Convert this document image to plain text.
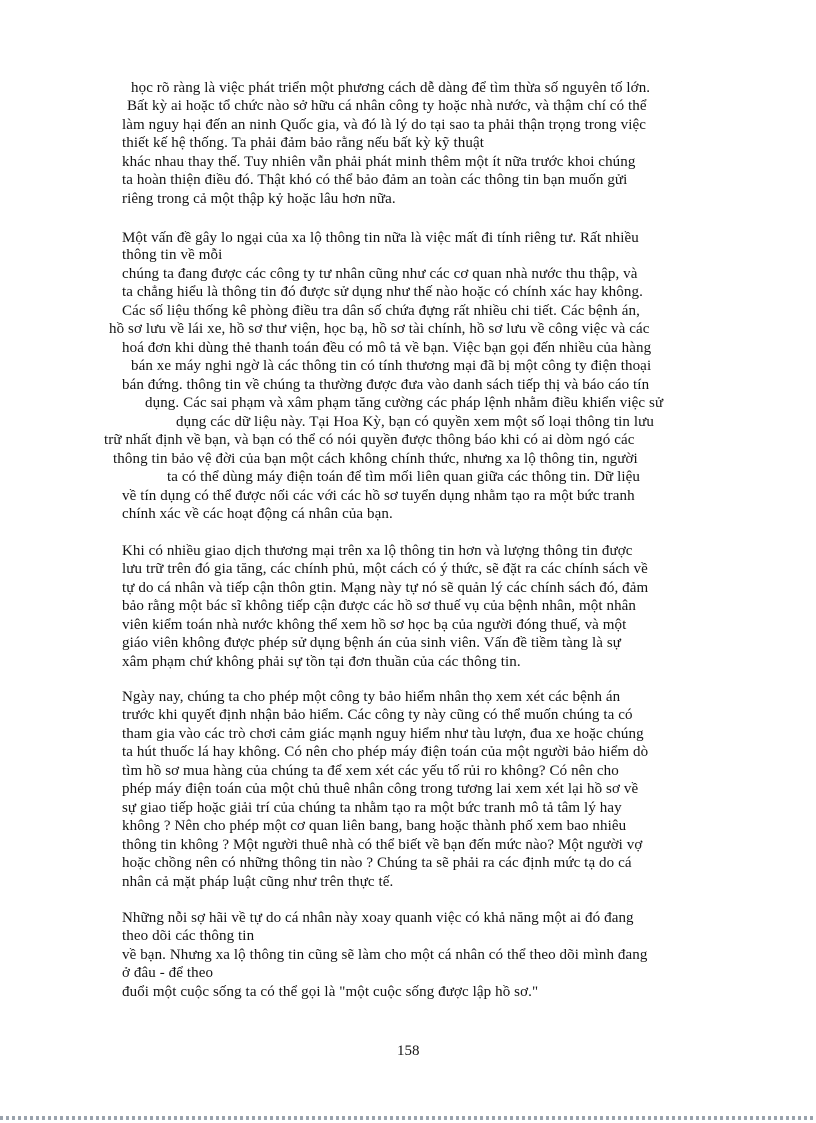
học rõ ràng là việc phát triển một phương cách dễ dàng để tìm thừa số nguyên tố lớn.
Bất kỳ ai hoặc tổ chức nào sở hữu cá nhân công ty hoặc nhà nước, và thậm chí có thể
làm nguy hại đến an ninh Quốc gia, và đó là lý do tại sao ta phải thận trọng trong việc
thiết kế hệ thống. Ta phải đảm bảo rằng nếu bất kỳ kỹ thuật
khác nhau thay thế. Tuy nhiên vẫn phải phát minh thêm một ít nữa trước khoi chúng
ta hoàn thiện điều đó. Thật khó có thể bảo đảm an toàn các thông tin bạn muốn gửi
riêng trong cả một thập kỷ hoặc lâu hơn nữa.
Một vấn đề gây lo ngại của xa lộ thông tin nữa là việc mất đi tính riêng tư. Rất nhiều
thông tin về mỗi
chúng ta đang được các công ty tư nhân cũng như các cơ quan nhà nước thu thập, và
ta chẳng hiểu là thông tin đó được sử dụng như thế nào hoặc có chính xác hay không.
Các số liệu thống kê phòng điều tra dân số chứa đựng rất nhiều chi tiết. Các bệnh án,
hồ sơ lưu về lái xe, hồ sơ thư viện, học bạ, hồ sơ tài chính, hồ sơ lưu về công việc và các
hoá đơn khi dùng thẻ thanh toán đều có mô tả về bạn. Việc bạn gọi đến nhiều của hàng
bán xe máy nghi ngờ là các thông tin có tính thương mại đã bị một công ty điện thoại
bán đứng. thông tin về chúng ta thường được đưa vào danh sách tiếp thị và báo cáo tín
dụng. Các sai phạm và xâm phạm tăng cường các pháp lệnh nhằm điều khiển việc sử
dụng các dữ liệu này. Tại Hoa Kỳ, bạn có quyền xem một số loại thông tin lưu
trữ nhất định về bạn, và bạn có thể có nói quyền được thông báo khi có ai dòm ngó các
thông tin bảo vệ đời của bạn một cách không chính thức, nhưng xa lộ thông tin, người
ta có thể dùng máy điện toán để tìm mối liên quan giữa các thông tin. Dữ liệu
về tín dụng có thể được nối các với các hồ sơ tuyển dụng nhằm tạo ra một bức tranh
chính xác về các hoạt động cá nhân của bạn.
Khi có nhiều giao dịch thương mại trên xa lộ thông tin hơn và lượng thông tin được
lưu trữ trên đó gia tăng, các chính phủ, một cách có ý thức, sẽ đặt ra các chính sách về
tự do cá nhân và tiếp cận thôn gtin. Mạng này tự nó sẽ quản lý các chính sách đó, đảm
bảo rằng một bác sĩ không tiếp cận được các hồ sơ thuế vụ của bệnh nhân, một nhân
viên kiểm toán nhà nước không thể xem hồ sơ học bạ của người đóng thuế, và một
giáo viên không được phép sử dụng bệnh án của sinh viên. Vấn đề tiềm tàng là sự
xâm phạm chứ không phải sự tồn tại đơn thuần của các thông tin.
Ngày nay, chúng ta cho phép một công ty bảo hiểm nhân thọ xem xét các bệnh án
trước khi quyết định nhận bảo hiểm. Các công ty này cũng có thể muốn chúng ta có
tham gia vào các trò chơi cảm giác mạnh nguy hiểm như tàu lượn, đua xe hoặc chúng
ta hút thuốc lá hay không. Có nên cho phép máy điện toán của một người bảo hiểm dò
tìm hồ sơ mua hàng của chúng ta để xem xét các yếu tố rủi ro không? Có nên cho
phép máy điện toán của một chủ thuê nhân công trong tương lai xem xét lại hồ sơ về
sự giao tiếp hoặc giải trí của chúng ta nhằm tạo ra một bức tranh mô tả tâm lý hay
không ? Nên cho phép một cơ quan liên bang, bang hoặc thành phố xem bao nhiêu
thông tin không ? Một người thuê nhà có thể biết về bạn đến mức nào? Một người vợ
hoặc chồng nên có những thông tin nào ? Chúng ta sẽ phải ra các định mức tạ do cá
nhân cả mặt pháp luật cũng như trên thực tế.
Những nỗi sợ hãi về tự do cá nhân này xoay quanh việc có khả năng một ai đó đang
theo dõi các thông tin
về bạn. Nhưng xa lộ thông tin cũng sẽ làm cho một cá nhân có thể theo dõi mình đang
ở đâu - để theo
đuổi một cuộc sống ta có thể gọi là "một cuộc sống được lập hồ sơ."
158
